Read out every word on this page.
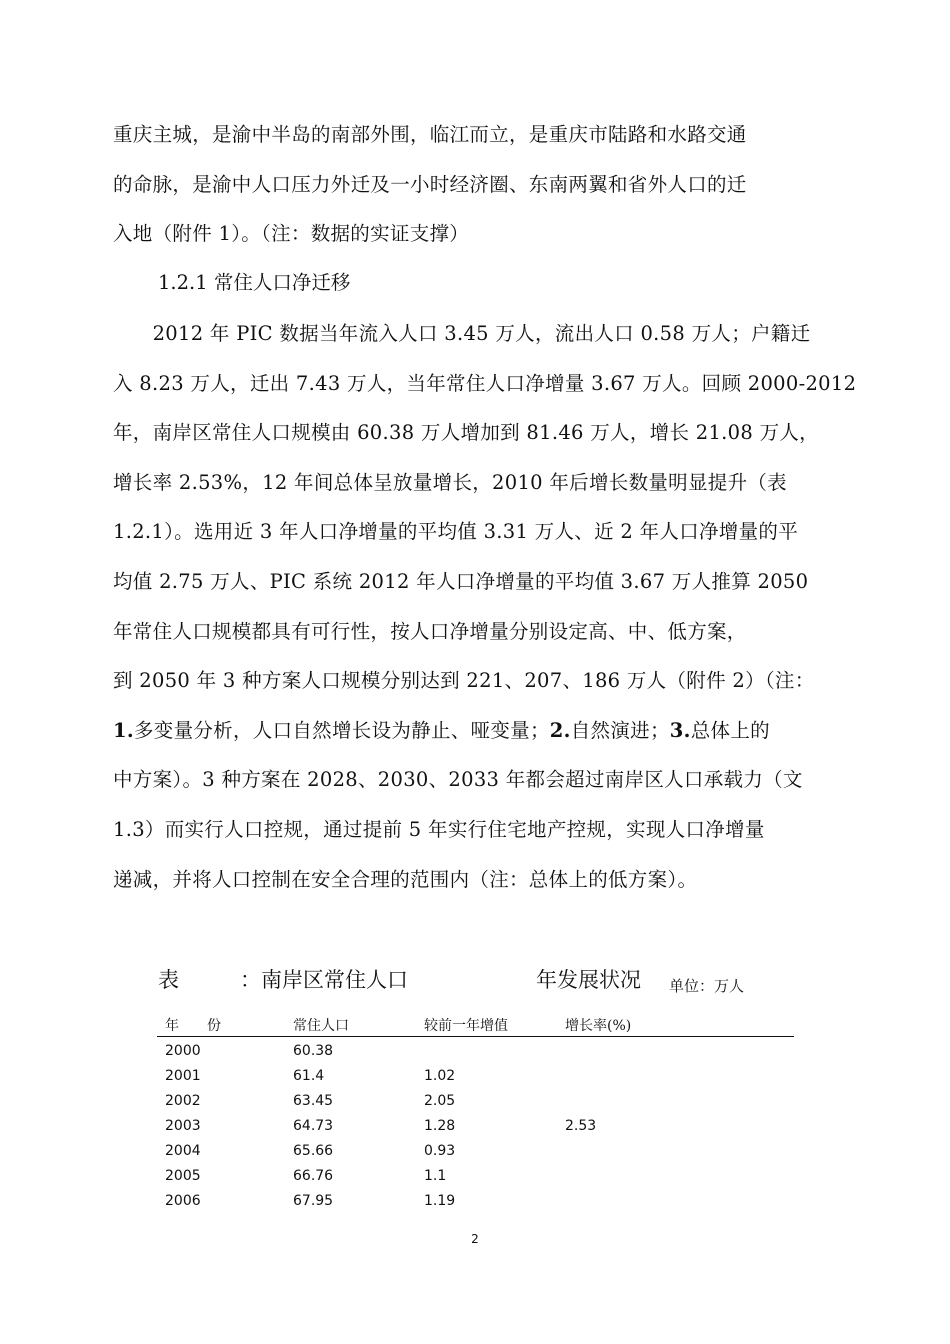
重庆主城，是渝中半岛的南部外围，临江而立，是重庆市陆路和水路交通
的命脉，是渝中人口压力外迁及一小时经济圈、东南两翼和省外人口的迁
入地（附件 1）。（注：数据的实证支撑）
1.2.1 常住人口净迁移
　　2012 年 PIC 数据当年流入人口 3.45 万人，流出人口 0.58 万人；户籍迁
入 8.23 万人，迁出 7.43 万人，当年常住人口净增量 3.67 万人。回顾 2000-2012
年，南岸区常住人口规模由 60.38 万人增加到 81.46 万人，增长 21.08 万人，
增长率 2.53%，12 年间总体呈放量增长，2010 年后增长数量明显提升（表
1.2.1）。选用近 3 年人口净增量的平均值 3.31 万人、近 2 年人口净增量的平
均值 2.75 万人、PIC 系统 2012 年人口净增量的平均值 3.67 万人推算 2050
年常住人口规模都具有可行性，按人口净增量分别设定高、中、低方案，
到 2050 年 3 种方案人口规模分别达到 221、207、186 万人（附件 2）（注：
1.多变量分析，人口自然增长设为静止、哑变量；2.自然演进；3.总体上的
中方案）。3 种方案在 2028、2030、2033 年都会超过南岸区人口承载力（文
1.3）而实行人口控规，通过提前 5 年实行住宅地产控规，实现人口净增量
递减，并将人口控制在安全合理的范围内（注：总体上的低方案）。
表	：南岸区常住人口	年发展状况 单位：万人
年　　份	常住人口	较前一年增值	增长率(%)
2000	60.38
2001	61.4	1.02
2002	63.45	2.05
2003	64.73	1.28	2.53
2004	65.66	0.93
2005	66.76	1.1
2006	67.95	1.19
2
